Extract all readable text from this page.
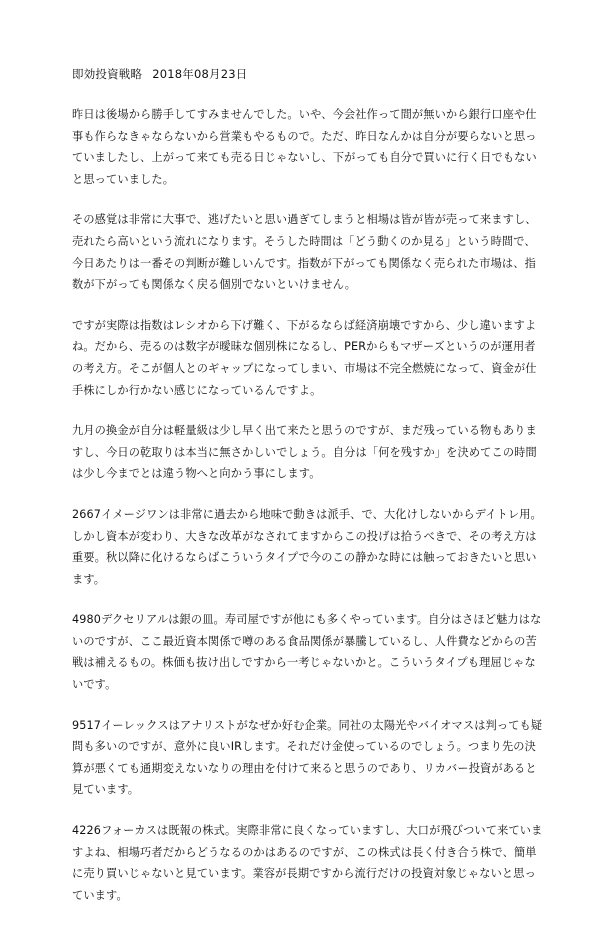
即効投資戦略 2018年08月23日
昨日は後場から勝手してすみませんでした。いや、今会社作って間が無いから銀行口座や仕
事も作らなきゃならないから営業もやるもので。ただ、昨日なんかは自分が要らないと思っ
ていましたし、上がって来ても売る日じゃないし、下がっても自分で買いに行く日でもない
と思っていました。
その感覚は非常に大事で、逃げたいと思い過ぎてしまうと相場は皆が皆が売って来ますし、
売れたら高いという流れになります。そうした時間は「どう動くのか見る」という時間で、
今日あたりは一番その判断が難しいんです。指数が下がっても関係なく売られた市場は、指
数が下がっても関係なく戻る個別でないといけません。
ですが実際は指数はレシオから下げ難く、下がるならば経済崩壊ですから、少し違いますよ
ね。だから、売るのは数字が曖昧な個別株になるし、PERからもマザーズというのが運用者
の考え方。そこが個人とのギャップになってしまい、市場は不完全燃焼になって、資金が仕
手株にしか行かない感じになっているんですよ。
九月の換金が自分は軽量級は少し早く出て来たと思うのですが、まだ残っている物もありま
すし、今日の乾取りは本当に無さかしいでしょう。自分は「何を残すか」を決めてこの時間
は少し今までとは違う物へと向かう事にします。
2667イメージワンは非常に過去から地味で動きは派手、で、大化けしないからデイトレ用。
しかし資本が変わり、大きな改革がなされてますからこの投げは拾うべきで、その考え方は
重要。秋以降に化けるならばこういうタイプで今のこの静かな時には触っておきたいと思い
ます。
4980デクセリアルは銀の皿。寿司屋ですが他にも多くやっています。自分はさほど魅力はな
いのですが、ここ最近資本関係で噂のある食品関係が暴騰しているし、人件費などからの苦
戦は補えるもの。株価も抜け出しですから一考じゃないかと。こういうタイプも理屈じゃな
いです。
9517イーレックスはアナリストがなぜか好む企業。同社の太陽光やバイオマスは判っても疑
問も多いのですが、意外に良いIRします。それだけ金使っているのでしょう。つまり先の決
算が悪くても通期変えないなりの理由を付けて来ると思うのであり、リカバー投資があると
見ています。
4226フォーカスは既報の株式。実際非常に良くなっていますし、大口が飛びついて来ていま
すよね、相場巧者だからどうなるのかはあるのですが、この株式は長く付き合う株で、簡単
に売り買いじゃないと見ています。業容が長期ですから流行だけの投資対象じゃないと思っ
ています。
